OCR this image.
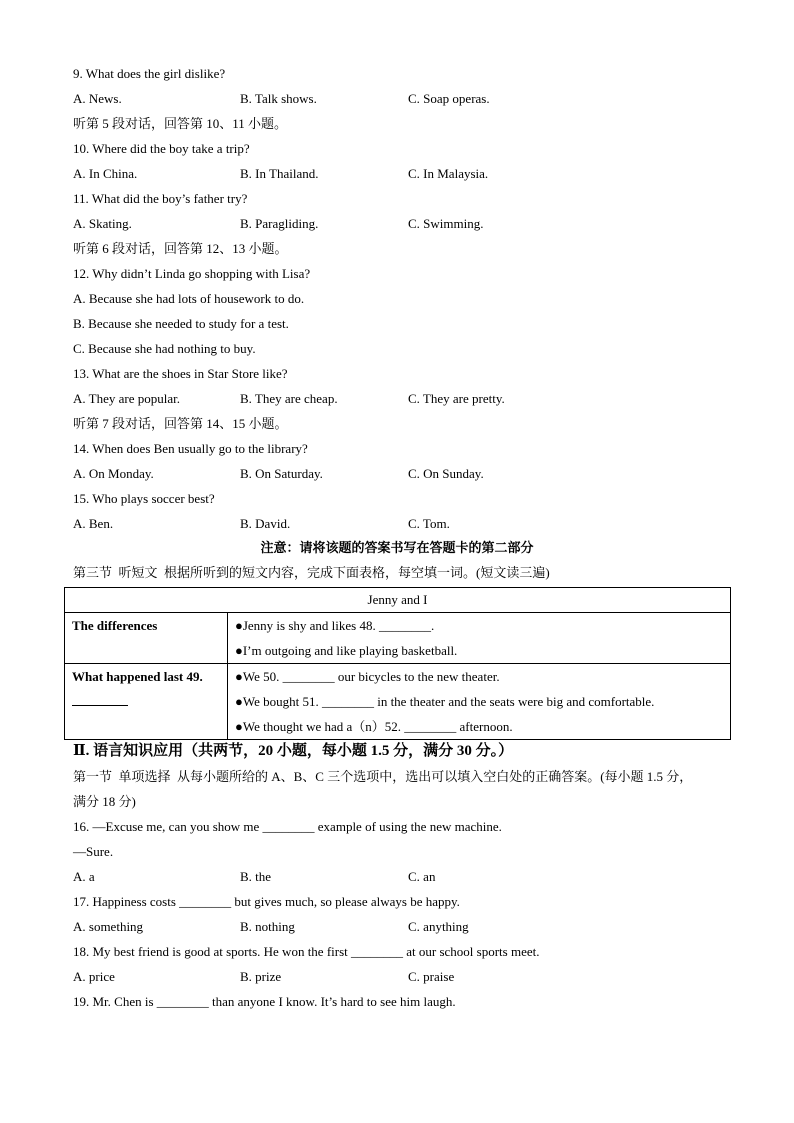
9. What does the girl dislike?
A. News.	B. Talk shows.	C. Soap operas.
听第 5 段对话，回答第 10、11 小题。
10. Where did the boy take a trip?
A. In China.	B. In Thailand.	C. In Malaysia.
11. What did the boy’s father try?
A. Skating.	B. Paragliding.	C. Swimming.
听第 6 段对话，回答第 12、13 小题。
12. Why didn’t Linda go shopping with Lisa?
A. Because she had lots of housework to do.
B. Because she needed to study for a test.
C. Because she had nothing to buy.
13. What are the shoes in Star Store like?
A. They are popular.	B. They are cheap.	C. They are pretty.
听第 7 段对话，回答第 14、15 小题。
14. When does Ben usually go to the library?
A. On Monday.	B. On Saturday.	C. On Sunday.
15. Who plays soccer best?
A. Ben.	B. David.	C. Tom.
注意：请将该题的答案书写在答题卡的第二部分
第三节  听短文  根据所听到的短文内容，完成下面表格，每空填一词。(短文读三遍)
Jenny and I	

The differences	●Jenny is shy and likes 48. ________.
●I’m outgoing and like playing basketball.

What happened last 49.	●We 50. ________ our bicycles to the new theater.
●We bought 51. ________ in the theater and the seats were big and comfortable.
●We thought we had a（n）52. ________ afternoon.
Ⅱ. 语言知识应用（共两节，20 小题，每小题 1.5 分，满分 30 分。）
第一节  单项选择  从每小题所给的 A、B、C 三个选项中，选出可以填入空白处的正确答案。(每小题 1.5 分，
满分 18 分)
16. —Excuse me, can you show me ________ example of using the new machine.
—Sure.
A. a	B. the	C. an
17. Happiness costs ________ but gives much, so please always be happy.
A. something	B. nothing	C. anything
18. My best friend is good at sports. He won the first ________ at our school sports meet.
A. price	B. prize	C. praise
19. Mr. Chen is ________ than anyone I know. It’s hard to see him laugh.
